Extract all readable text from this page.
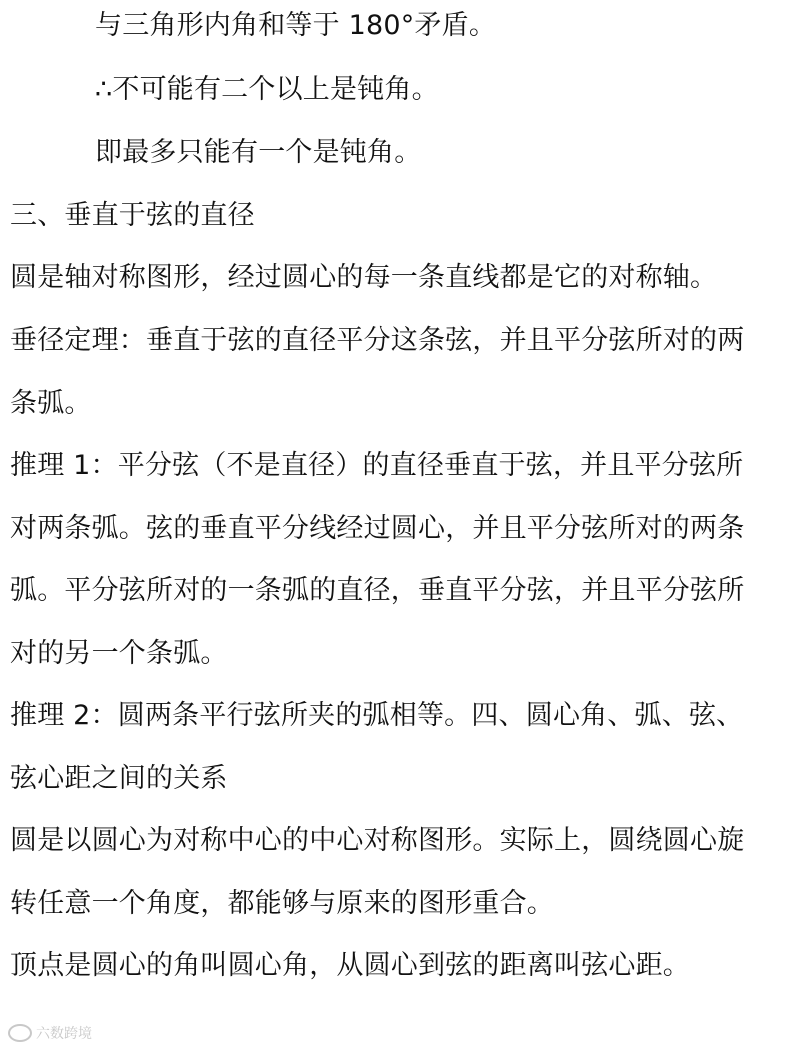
与三角形内角和等于 180°矛盾。
∴不可能有二个以上是钝角。
即最多只能有一个是钝角。
三、垂直于弦的直径
圆是轴对称图形，经过圆心的每一条直线都是它的对称轴。
垂径定理：垂直于弦的直径平分这条弦，并且平分弦所对的两
条弧。
推理 1：平分弦（不是直径）的直径垂直于弦，并且平分弦所
对两条弧。弦的垂直平分线经过圆心，并且平分弦所对的两条
弧。平分弦所对的一条弧的直径，垂直平分弦，并且平分弦所
对的另一个条弧。
推理 2：圆两条平行弦所夹的弧相等。四、圆心角、弧、弦、
弦心距之间的关系
圆是以圆心为对称中心的中心对称图形。实际上，圆绕圆心旋
转任意一个角度，都能够与原来的图形重合。
顶点是圆心的角叫圆心角，从圆心到弦的距离叫弦心距。
六数跨境
